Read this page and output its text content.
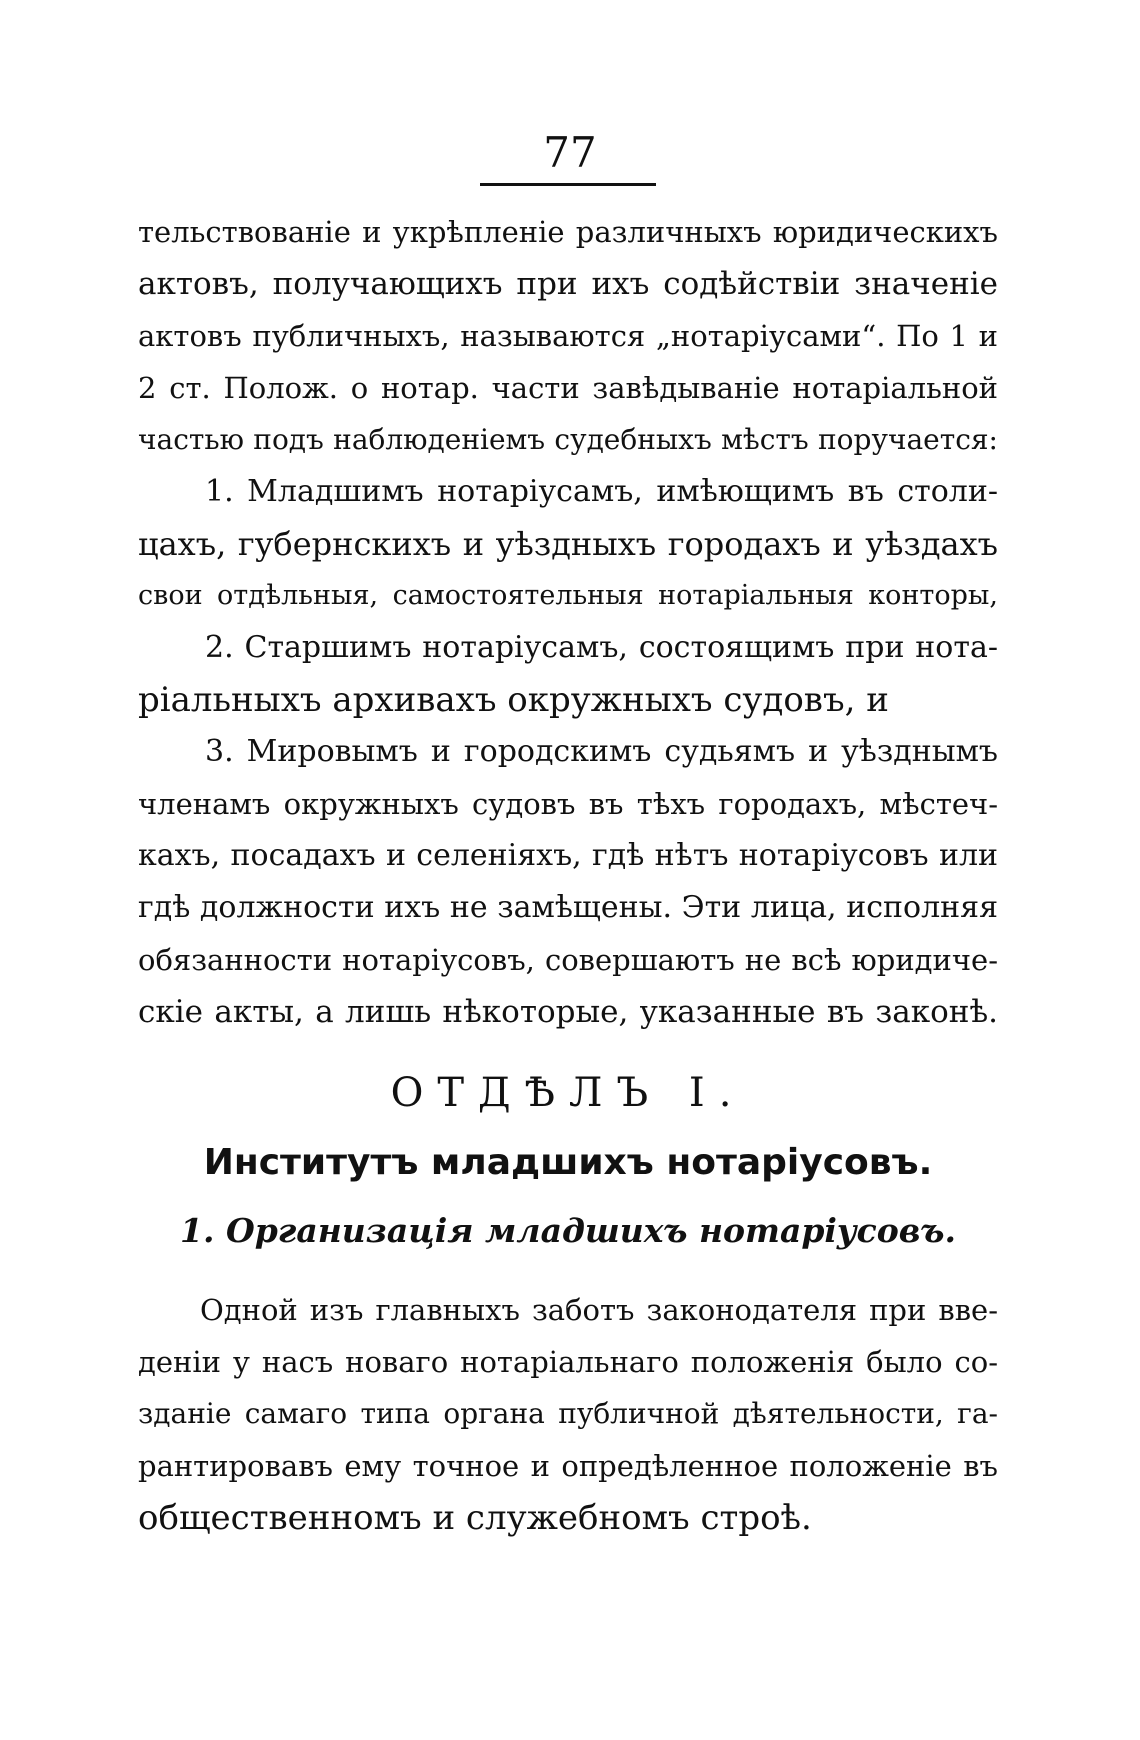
77
тельствованіе и укрѣпленіе различныхъ юридическихъ
актовъ, получающихъ при ихъ содѣйствіи значеніе
актовъ публичныхъ, называются „нотаріусами“. По 1 и
2 ст. Полож. о нотар. части завѣдываніе нотаріальной
частью подъ наблюденіемъ судебныхъ мѣстъ поручается:
1. Младшимъ нотаріусамъ, имѣющимъ въ столи-
цахъ, губернскихъ и уѣздныхъ городахъ и уѣздахъ
свои отдѣльныя, самостоятельныя нотаріальныя конторы,
2. Старшимъ нотаріусамъ, состоящимъ при нота-
ріальныхъ архивахъ окружныхъ судовъ, и
3. Мировымъ и городскимъ судьямъ и уѣзднымъ
членамъ окружныхъ судовъ въ тѣхъ городахъ, мѣстеч-
кахъ, посадахъ и селеніяхъ, гдѣ нѣтъ нотаріусовъ или
гдѣ должности ихъ не замѣщены. Эти лица, исполняя
обязанности нотаріусовъ, совершаютъ не всѣ юридиче-
скіе акты, а лишь нѣкоторые, указанные въ законѣ.
ОТДѢЛЪ I.
Институтъ младшихъ нотаріусовъ.
1. Организація младшихъ нотаріусовъ.
Одной изъ главныхъ заботъ законодателя при вве-
деніи у насъ новаго нотаріальнаго положенія было со-
зданіе самаго типа органа публичной дѣятельности, га-
рантировавъ ему точное и опредѣленное положеніе въ
общественномъ и служебномъ строѣ.
